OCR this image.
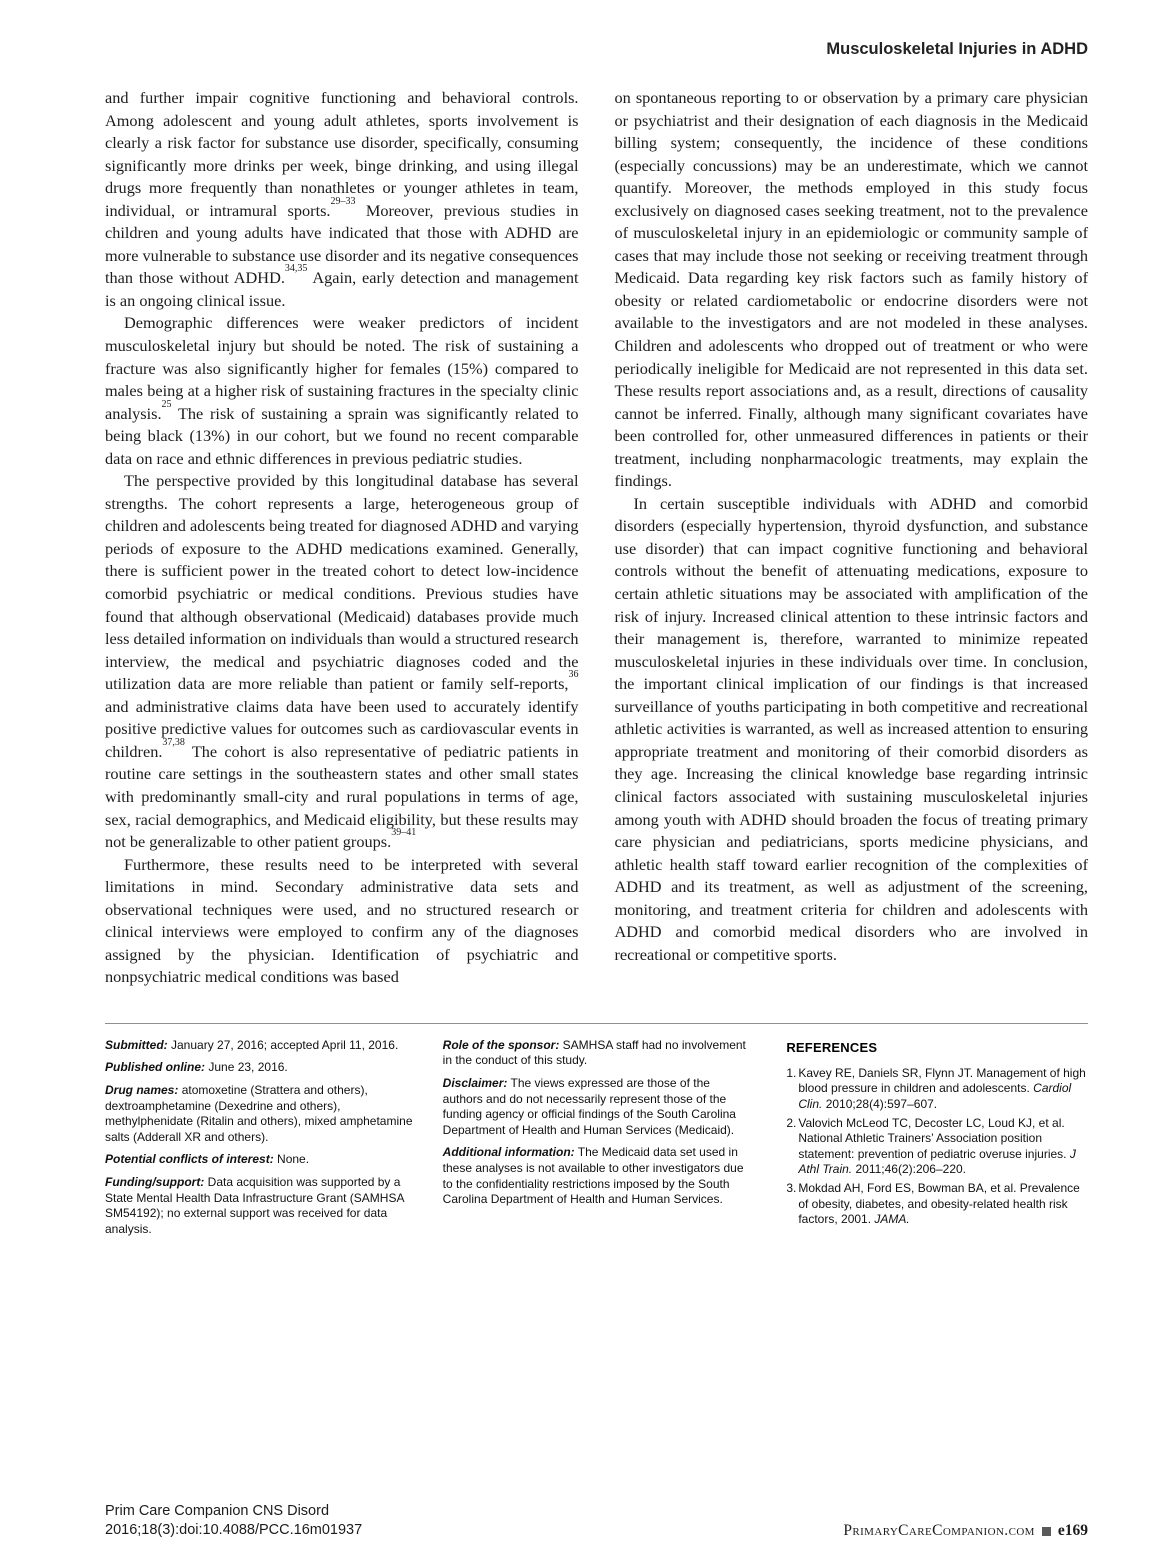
Musculoskeletal Injuries in ADHD

and further impair cognitive functioning and behavioral controls. Among adolescent and young adult athletes, sports involvement is clearly a risk factor for substance use disorder, specifically, consuming significantly more drinks per week, binge drinking, and using illegal drugs more frequently than nonathletes or younger athletes in team, individual, or intramural sports.$^{29-33}$ Moreover, previous studies in children and young adults have indicated that those with ADHD are more vulnerable to substance use disorder and its negative consequences than those without ADHD.$^{34,35}$ Again, early detection and management is an ongoing clinical issue.

Demographic differences were weaker predictors of incident musculoskeletal injury but should be noted. The risk of sustaining a fracture was also significantly higher for females (15%) compared to males being at a higher risk of sustaining fractures in the specialty clinic analysis.$^{25}$ The risk of sustaining a sprain was significantly related to being black (13%) in our cohort, but we found no recent comparable data on race and ethnic differences in previous pediatric studies.

The perspective provided by this longitudinal database has several strengths. The cohort represents a large, heterogeneous group of children and adolescents being treated for diagnosed ADHD and varying periods of exposure to the ADHD medications examined. Generally, there is sufficient power in the treated cohort to detect low-incidence comorbid psychiatric or medical conditions. Previous studies have found that although observational (Medicaid) databases provide much less detailed information on individuals than would a structured research interview, the medical and psychiatric diagnoses coded and the utilization data are more reliable than patient or family self-reports,$^{36}$ and administrative claims data have been used to accurately identify positive predictive values for outcomes such as cardiovascular events in children.$^{37,38}$ The cohort is also representative of pediatric patients in routine care settings in the southeastern states and other small states with predominantly small-city and rural populations in terms of age, sex, racial demographics, and Medicaid eligibility, but these results may not be generalizable to other patient groups.$^{39-41}$

Furthermore, these results need to be interpreted with several limitations in mind. Secondary administrative data sets and observational techniques were used, and no structured research or clinical interviews were employed to confirm any of the diagnoses assigned by the physician. Identification of psychiatric and nonpsychiatric medical conditions was based

on spontaneous reporting to or observation by a primary care physician or psychiatrist and their designation of each diagnosis in the Medicaid billing system; consequently, the incidence of these conditions (especially concussions) may be an underestimate, which we cannot quantify. Moreover, the methods employed in this study focus exclusively on diagnosed cases seeking treatment, not to the prevalence of musculoskeletal injury in an epidemiologic or community sample of cases that may include those not seeking or receiving treatment through Medicaid. Data regarding key risk factors such as family history of obesity or related cardiometabolic or endocrine disorders were not available to the investigators and are not modeled in these analyses. Children and adolescents who dropped out of treatment or who were periodically ineligible for Medicaid are not represented in this data set. These results report associations and, as a result, directions of causality cannot be inferred. Finally, although many significant covariates have been controlled for, other unmeasured differences in patients or their treatment, including nonpharmacologic treatments, may explain the findings.

In certain susceptible individuals with ADHD and comorbid disorders (especially hypertension, thyroid dysfunction, and substance use disorder) that can impact cognitive functioning and behavioral controls without the benefit of attenuating medications, exposure to certain athletic situations may be associated with amplification of the risk of injury. Increased clinical attention to these intrinsic factors and their management is, therefore, warranted to minimize repeated musculoskeletal injuries in these individuals over time. In conclusion, the important clinical implication of our findings is that increased surveillance of youths participating in both competitive and recreational athletic activities is warranted, as well as increased attention to ensuring appropriate treatment and monitoring of their comorbid disorders as they age. Increasing the clinical knowledge base regarding intrinsic clinical factors associated with sustaining musculoskeletal injuries among youth with ADHD should broaden the focus of treating primary care physician and pediatricians, sports medicine physicians, and athletic health staff toward earlier recognition of the complexities of ADHD and its treatment, as well as adjustment of the screening, monitoring, and treatment criteria for children and adolescents with ADHD and comorbid medical disorders who are involved in recreational or competitive sports.

Submitted: January 27, 2016; accepted April 11, 2016.

Published online: June 23, 2016.

Drug names: atomoxetine (Strattera and others), dextroamphetamine (Dexedrine and others), methylphenidate (Ritalin and others), mixed amphetamine salts (Adderall XR and others).

Potential conflicts of interest: None.

Funding/support: Data acquisition was supported by a State Mental Health Data Infrastructure Grant (SAMHSA SM54192); no external support was received for data analysis.

Role of the sponsor: SAMHSA staff had no involvement in the conduct of this study.

Disclaimer: The views expressed are those of the authors and do not necessarily represent those of the funding agency or official findings of the South Carolina Department of Health and Human Services (Medicaid).

Additional information: The Medicaid data set used in these analyses is not available to other investigators due to the confidentiality restrictions imposed by the South Carolina Department of Health and Human Services.

REFERENCES
1. Kavey RE, Daniels SR, Flynn JT. Management of high blood pressure in children and adolescents. Cardiol Clin. 2010;28(4):597–607.
2. Valovich McLeod TC, Decoster LC, Loud KJ, et al. National Athletic Trainers’ Association position statement: prevention of pediatric overuse injuries. J Athl Train. 2011;46(2):206–220.
3. Mokdad AH, Ford ES, Bowman BA, et al. Prevalence of obesity, diabetes, and obesity-related health risk factors, 2001. JAMA.
Prim Care Companion CNS Disord
2016;18(3):doi:10.4088/PCC.16m01937	PrimaryCareCompanion.com e169
